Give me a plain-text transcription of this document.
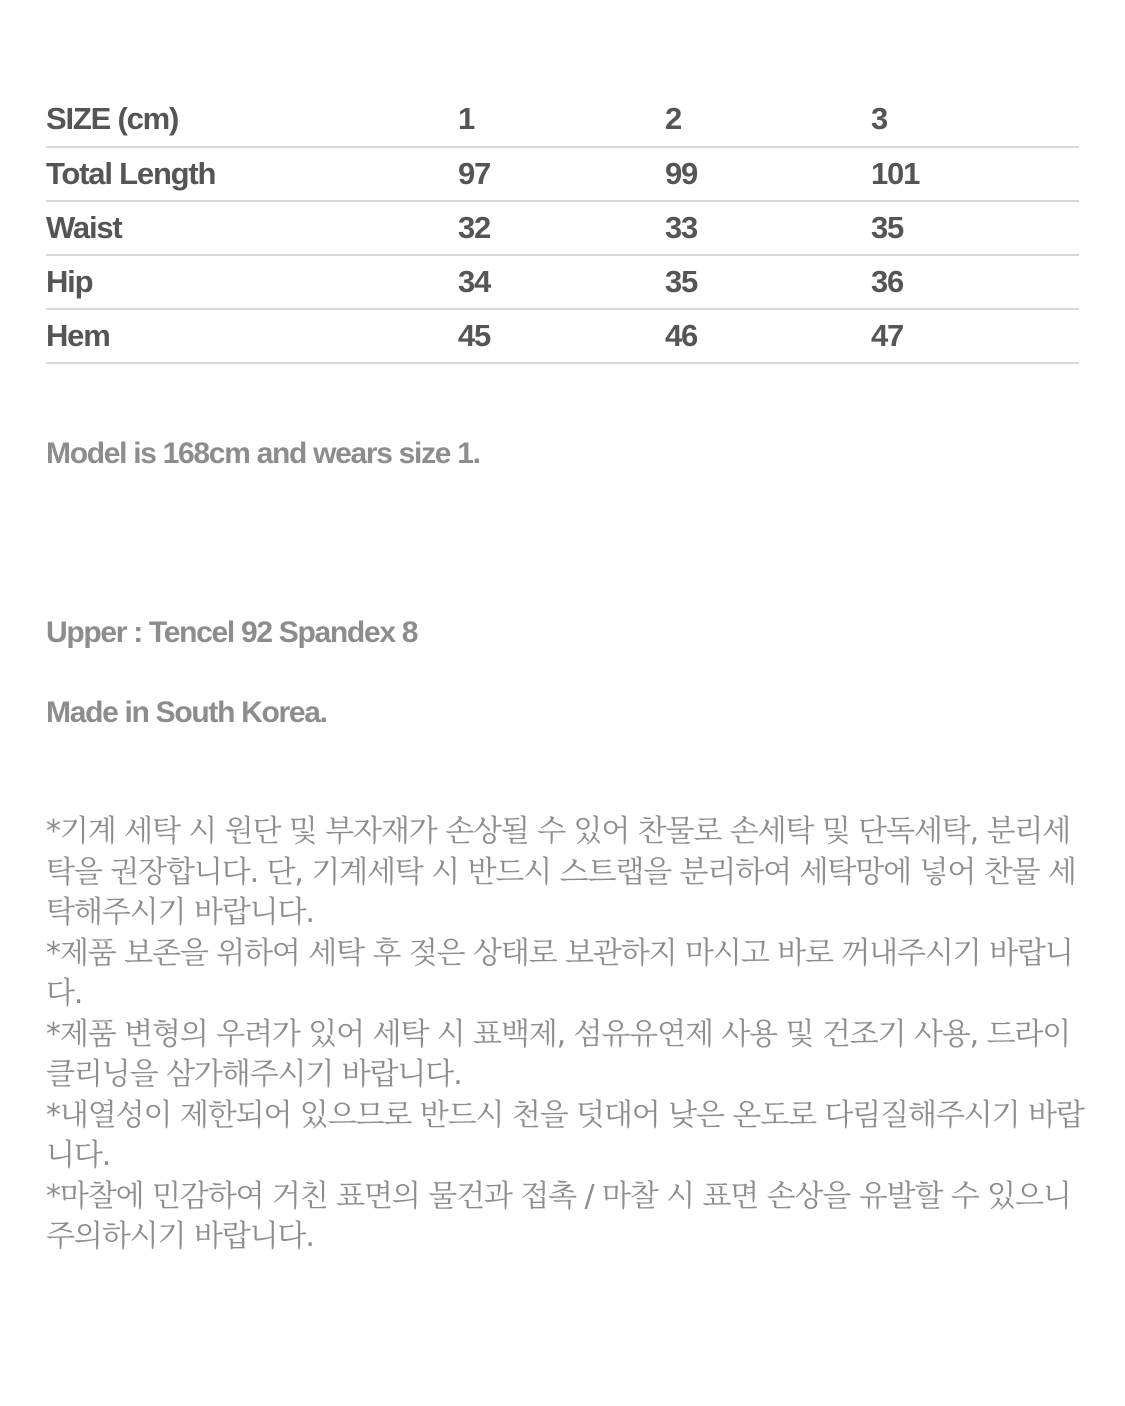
SIZE (cm)	1	2	3
Total Length	97	99	101
Waist	32	33	35
Hip	34	35	36
Hem	45	46	47
Model is 168cm and wears size 1.
Upper : Tencel 92 Spandex 8
Made in South Korea.

*기계 세탁 시 원단 및 부자재가 손상될 수 있어 찬물로 손세탁 및 단독세탁, 분리세탁을 권장합니다. 단, 기계세탁 시 반드시 스트랩을 분리하여 세탁망에 넣어 찬물 세탁해주시기 바랍니다.

*제품 보존을 위하여 세탁 후 젖은 상태로 보관하지 마시고 바로 꺼내주시기 바랍니다.

*제품 변형의 우려가 있어 세탁 시 표백제, 섬유유연제 사용 및 건조기 사용, 드라이클리닝을 삼가해주시기 바랍니다.

*내열성이 제한되어 있으므로 반드시 천을 덧대어 낮은 온도로 다림질해주시기 바랍니다.

*마찰에 민감하여 거친 표면의 물건과 접촉 / 마찰 시 표면 손상을 유발할 수 있으니 주의하시기 바랍니다.
